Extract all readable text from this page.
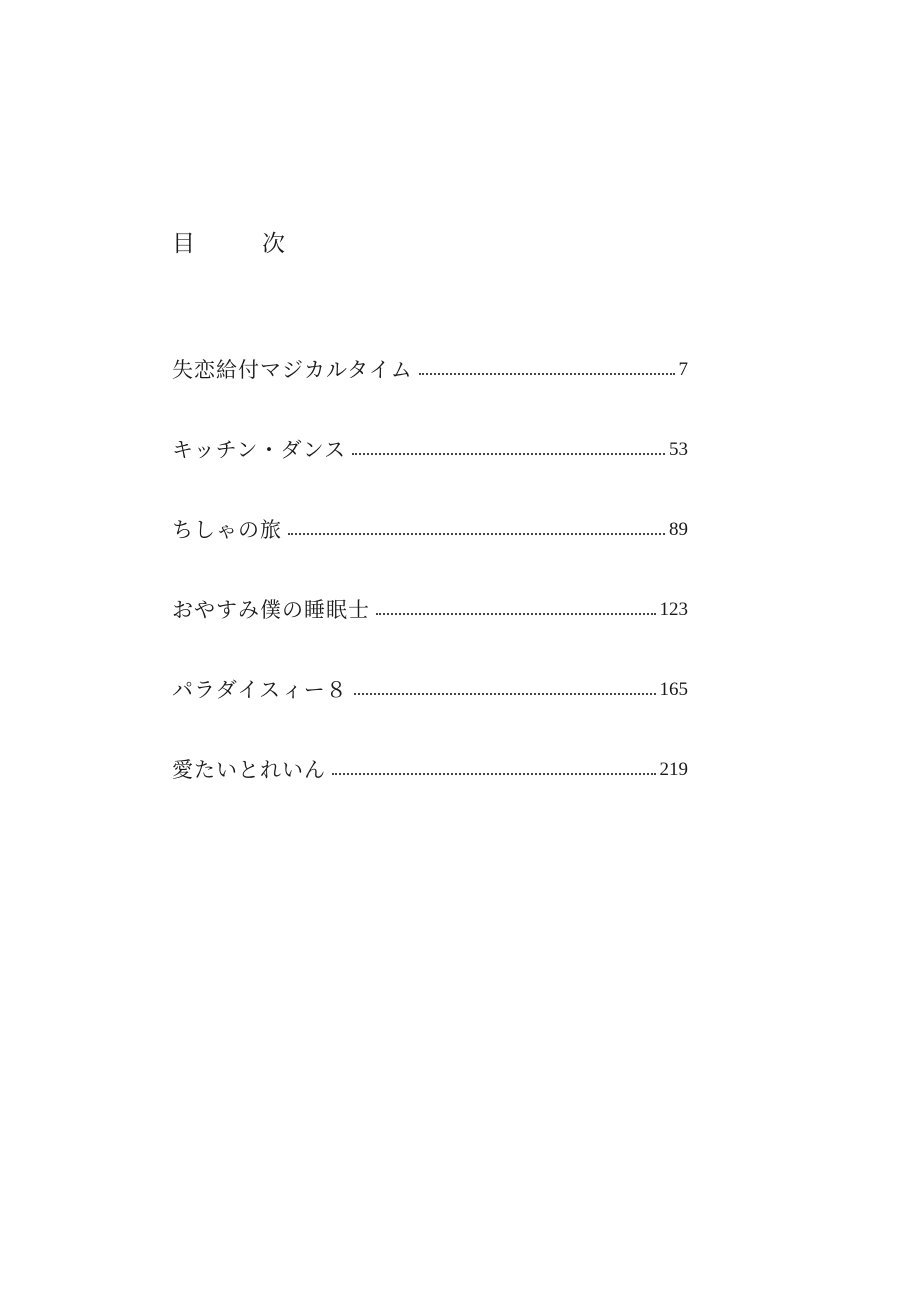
目　次
失恋給付マジカルタイム	7
キッチン・ダンス	53
ちしゃの旅	89
おやすみ僕の睡眠士	123
パラダイスィー８	165
愛たいとれいん	219
